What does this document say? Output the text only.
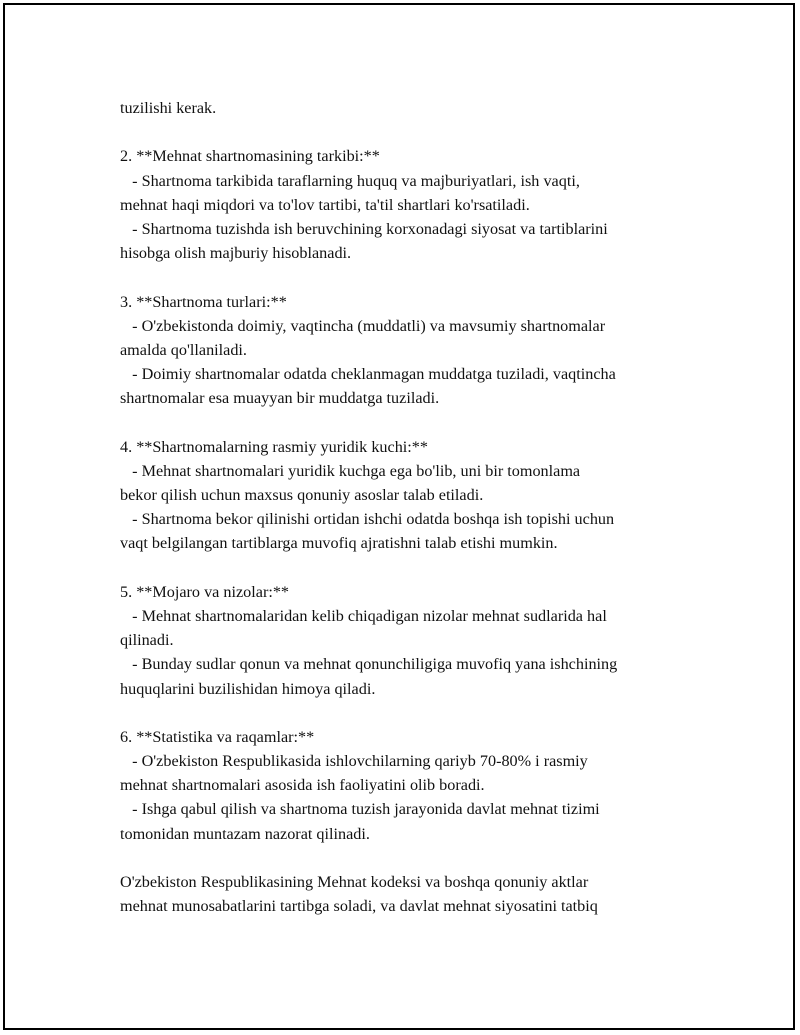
tuzilishi kerak.
2. **Mehnat shartnomasining tarkibi:**
- Shartnoma tarkibida taraflarning huquq va majburiyatlari, ish vaqti,
mehnat haqi miqdori va to'lov tartibi, ta'til shartlari ko'rsatiladi.
- Shartnoma tuzishda ish beruvchining korxonadagi siyosat va tartiblarini
hisobga olish majburiy hisoblanadi.
3. **Shartnoma turlari:**
- O'zbekistonda doimiy, vaqtincha (muddatli) va mavsumiy shartnomalar
amalda qo'llaniladi.
- Doimiy shartnomalar odatda cheklanmagan muddatga tuziladi, vaqtincha
shartnomalar esa muayyan bir muddatga tuziladi.
4. **Shartnomalarning rasmiy yuridik kuchi:**
- Mehnat shartnomalari yuridik kuchga ega bo'lib, uni bir tomonlama
bekor qilish uchun maxsus qonuniy asoslar talab etiladi.
- Shartnoma bekor qilinishi ortidan ishchi odatda boshqa ish topishi uchun
vaqt belgilangan tartiblarga muvofiq ajratishni talab etishi mumkin.
5. **Mojaro va nizolar:**
- Mehnat shartnomalaridan kelib chiqadigan nizolar mehnat sudlarida hal
qilinadi.
- Bunday sudlar qonun va mehnat qonunchiligiga muvofiq yana ishchining
huquqlarini buzilishidan himoya qiladi.
6. **Statistika va raqamlar:**
- O'zbekiston Respublikasida ishlovchilarning qariyb 70-80% i rasmiy
mehnat shartnomalari asosida ish faoliyatini olib boradi.
- Ishga qabul qilish va shartnoma tuzish jarayonida davlat mehnat tizimi
tomonidan muntazam nazorat qilinadi.
O'zbekiston Respublikasining Mehnat kodeksi va boshqa qonuniy aktlar
mehnat munosabatlarini tartibga soladi, va davlat mehnat siyosatini tatbiq
